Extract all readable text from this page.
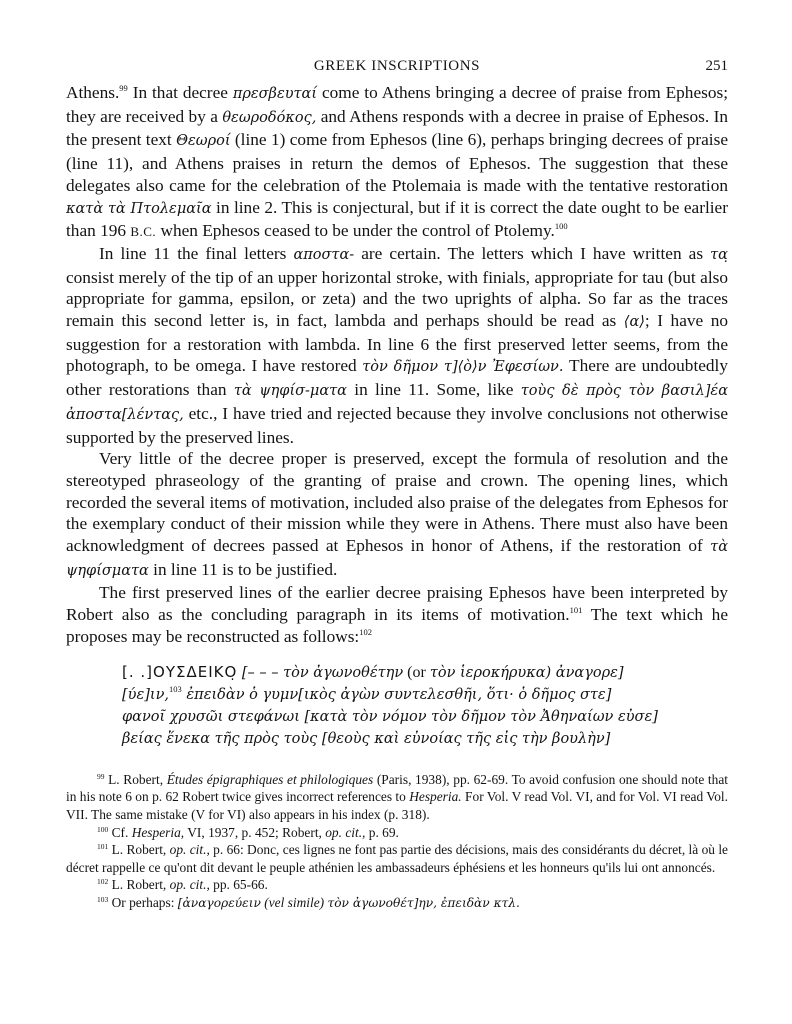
GREEK INSCRIPTIONS	251

Athens.$^{99}$ In that decree πρεσβευταί come to Athens bringing a decree of praise from Ephesos; they are received by a θεωροδόκος, and Athens responds with a decree in praise of Ephesos. In the present text Θεωροί (line 1) come from Ephesos (line 6), perhaps bringing decrees of praise (line 11), and Athens praises in return the demos of Ephesos. The suggestion that these delegates also came for the celebration of the Ptolemaia is made with the tentative restoration κατὰ τὰ Πτολεμαῖα in line 2. This is conjectural, but if it is correct the date ought to be earlier than 196 B.C. when Ephesos ceased to be under the control of Ptolemy.$^{100}$

In line 11 the final letters αποστα- are certain. The letters which I have written as τα̣ consist merely of the tip of an upper horizontal stroke, with finials, appropriate for tau (but also appropriate for gamma, epsilon, or zeta) and the two uprights of alpha. So far as the traces remain this second letter is, in fact, lambda and perhaps should be read as ⟨α⟩; I have no suggestion for a restoration with lambda. In line 6 the first preserved letter seems, from the photograph, to be omega. I have restored τὸν δῆμον τ]⟨ὸ⟩ν Ἐφεσίων. There are undoubtedly other restorations than τὰ ψηφίσ-ματα in line 11. Some, like τοὺς δὲ πρὸς τὸν βασιλ]έα ἀποστα[λέντας, etc., I have tried and rejected because they involve conclusions not otherwise supported by the preserved lines.

Very little of the decree proper is preserved, except the formula of resolution and the stereotyped phraseology of the granting of praise and crown. The opening lines, which recorded the several items of motivation, included also praise of the delegates from Ephesos for the exemplary conduct of their mission while they were in Athens. There must also have been acknowledgment of decrees passed at Ephesos in honor of Athens, if the restoration of τὰ ψηφίσματα in line 11 is to be justified.

The first preserved lines of the earlier decree praising Ephesos have been interpreted by Robert also as the concluding paragraph in its items of motivation.$^{101}$ The text which he proposes may be reconstructed as follows:$^{102}$

[. .]ΟΥΣΔΕΙΚΟ̣ [– – – τὸν ἀγωνοθέτην (or τὸν ἱεροκήρυκα) ἀναγορε]
[ύε]ιν,$^{103}$ ἐπειδὰν ὁ γυμν[ικὸς ἀγὼν συντελεσθῆι, ὅτι· ὁ δῆμος στε]
φανοῖ χρυσῶι στεφάνωι [κατὰ τὸν νόμον τὸν δῆμον τὸν Ἀθηναίων εὐσε]
βείας ἕνεκα τῆς πρὸς τοὺς [θεοὺς καὶ εὐνοίας τῆς εἰς τὴν βουλὴν]

$^{99}$ L. Robert, Études épigraphiques et philologiques (Paris, 1938), pp. 62-69. To avoid confusion one should note that in his note 6 on p. 62 Robert twice gives incorrect references to Hesperia. For Vol. V read Vol. VI, and for Vol. VI read Vol. VII. The same mistake (V for VI) also appears in his index (p. 318).

$^{100}$ Cf. Hesperia, VI, 1937, p. 452; Robert, op. cit., p. 69.

$^{101}$ L. Robert, op. cit., p. 66: Donc, ces lignes ne font pas partie des décisions, mais des considérants du décret, là où le décret rappelle ce qu'ont dit devant le peuple athénien les ambassadeurs éphésiens et les honneurs qu'ils lui ont annoncés.

$^{102}$ L. Robert, op. cit., pp. 65-66.

$^{103}$ Or perhaps: [ἀναγορεύειν (vel simile) τὸν ἀγωνοθέτ]ην, ἐπειδὰν κτλ.
